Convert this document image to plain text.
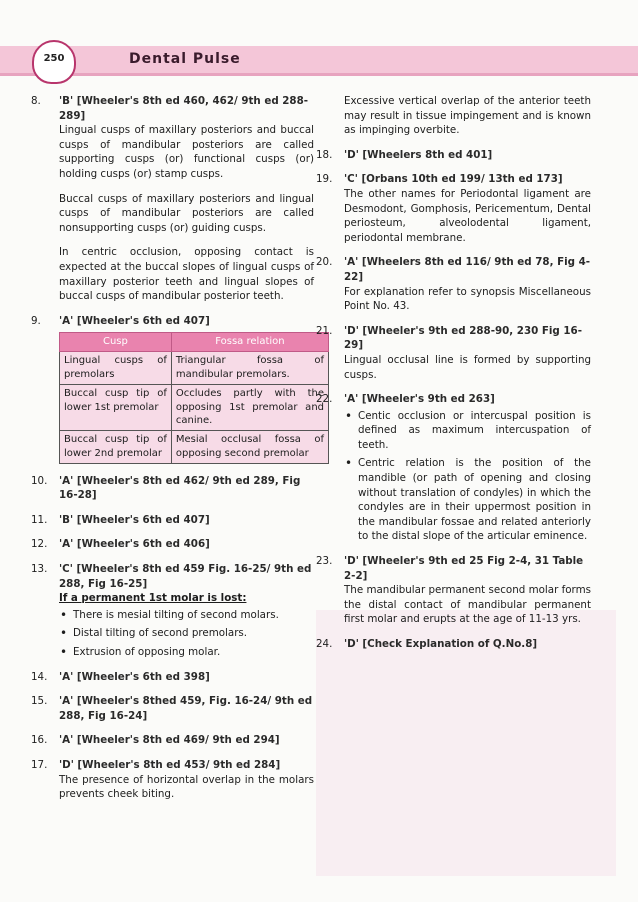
250	Dental Pulse
8. 'B' [Wheeler's 8th ed 460, 462/ 9th ed 288-289]

Lingual cusps of maxillary posteriors and buccal cusps of mandibular posteriors are called supporting cusps (or) functional cusps (or) holding cusps (or) stamp cusps.

Buccal cusps of maxillary posteriors and lingual cusps of mandibular posteriors are called nonsupporting cusps (or) guiding cusps.

In centric occlusion, opposing contact is expected at the buccal slopes of lingual cusps of maxillary posterior teeth and lingual slopes of buccal cusps of mandibular posterior teeth.

9. 'A' [Wheeler's 6th ed 407]
Cusp	Fossa relation
Lingual cusps of premolars	Triangular fossa of mandibular premolars.
Buccal cusp tip of lower 1st premolar	Occludes partly with the opposing 1st premolar and canine.
Buccal cusp tip of lower 2nd premolar	Mesial occlusal fossa of opposing second premolar
10. 'A' [Wheeler's 8th ed 462/ 9th ed 289, Fig 16-28]
11. 'B' [Wheeler's 6th ed 407]
12. 'A' [Wheeler's 6th ed 406]
13. 'C' [Wheeler's 8th ed 459 Fig. 16-25/ 9th ed 288, Fig 16-25]
If a permanent 1st molar is lost:
• There is mesial tilting of second molars.
• Distal tilting of second premolars.
• Extrusion of opposing molar.
14. 'A' [Wheeler's 6th ed 398]
15. 'A' [Wheeler's 8thed 459, Fig. 16-24/ 9th ed 288, Fig 16-24]
16. 'A' [Wheeler's 8th ed 469/ 9th ed 294]
17. 'D' [Wheeler's 8th ed 453/ 9th ed 284]

The presence of horizontal overlap in the molars prevents cheek biting.

Excessive vertical overlap of the anterior teeth may result in tissue impingement and is known as impinging overbite.

18. 'D' [Wheelers 8th ed 401]
19. 'C' [Orbans 10th ed 199/ 13th ed 173]

The other names for Periodontal ligament are Desmodont, Gomphosis, Pericementum, Dental periosteum, alveolodental ligament, periodontal membrane.

20. 'A' [Wheelers 8th ed 116/ 9th ed 78, Fig 4-22]

For explanation refer to synopsis Miscellaneous Point No. 43.

21. 'D' [Wheeler's 9th ed 288-90, 230 Fig 16-29]

Lingual occlusal line is formed by supporting cusps.

22. 'A' [Wheeler's 9th ed 263]
• Centic occlusion or intercuspal position is defined as maximum intercuspation of teeth.
• Centric relation is the position of the mandible (or path of opening and closing without translation of condyles) in which the condyles are in their uppermost position in the mandibular fossae and related anteriorly to the distal slope of the articular eminence.
23. 'D' [Wheeler's 9th ed 25 Fig 2-4, 31 Table 2-2]

The mandibular permanent second molar forms the distal contact of mandibular permanent first molar and erupts at the age of 11-13 yrs.

24. 'D' [Check Explanation of Q.No.8]
